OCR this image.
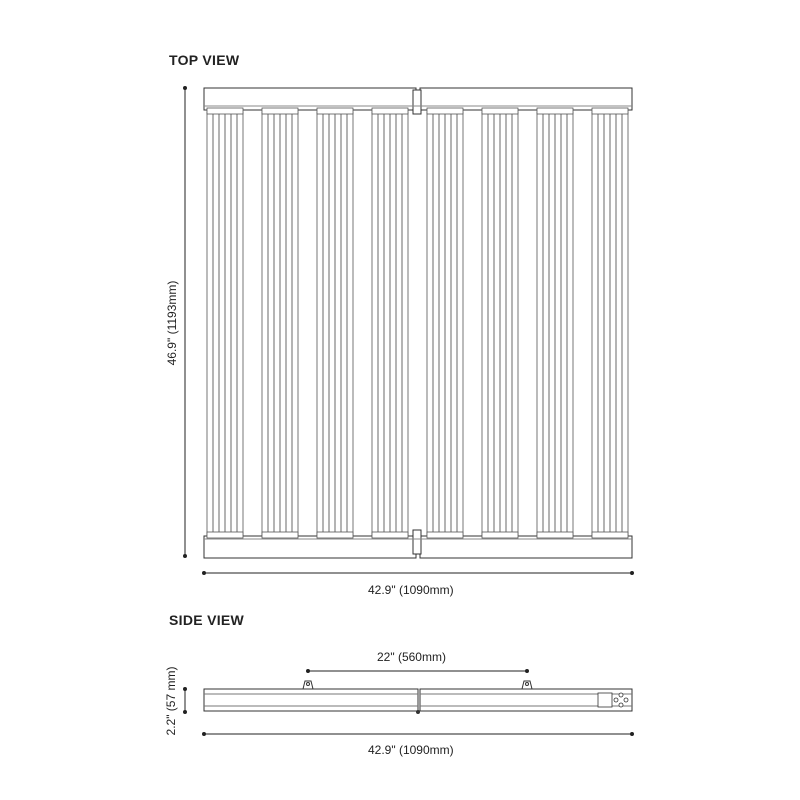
TOP VIEW
SIDE VIEW
46.9" (1193mm)
42.9" (1090mm)
22" (560mm)
2.2" (57 mm)
42.9" (1090mm)
